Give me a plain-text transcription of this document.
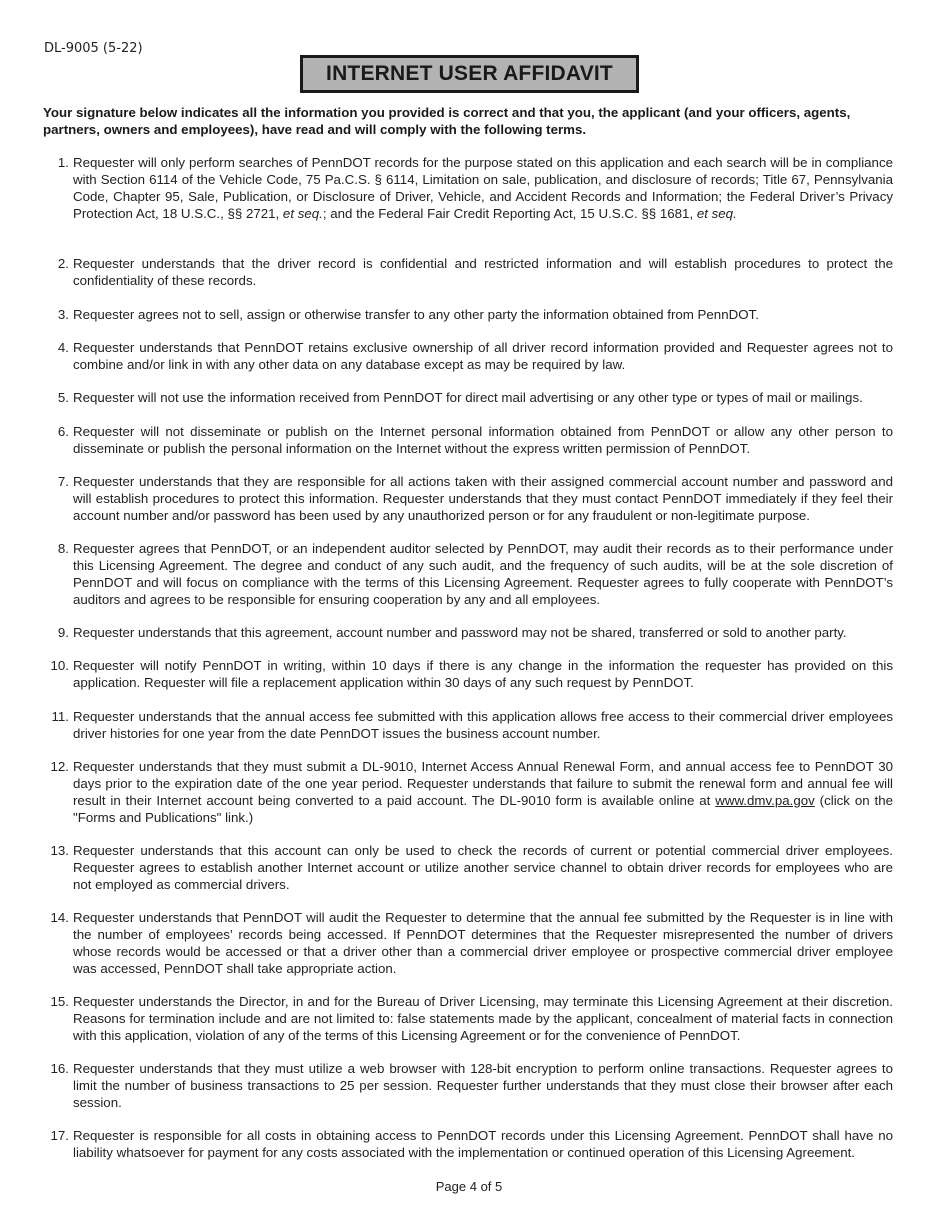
DL-9005 (5-22)
INTERNET USER AFFIDAVIT
Your signature below indicates all the information you provided is correct and that you, the applicant (and your officers, agents, partners, owners and employees), have read and will comply with the following terms.
1. Requester will only perform searches of PennDOT records for the purpose stated on this application and each search will be in compliance with Section 6114 of the Vehicle Code, 75 Pa.C.S. § 6114, Limitation on sale, publication, and disclosure of records; Title 67, Pennsylvania Code, Chapter 95, Sale, Publication, or Disclosure of Driver, Vehicle, and Accident Records and Information; the Federal Driver’s Privacy Protection Act, 18 U.S.C., §§ 2721, et seq.; and the Federal Fair Credit Reporting Act, 15 U.S.C. §§ 1681, et seq.
2. Requester understands that the driver record is confidential and restricted information and will establish procedures to protect the confidentiality of these records.
3. Requester agrees not to sell, assign or otherwise transfer to any other party the information obtained from PennDOT.
4. Requester understands that PennDOT retains exclusive ownership of all driver record information provided and Requester agrees not to combine and/or link in with any other data on any database except as may be required by law.
5. Requester will not use the information received from PennDOT for direct mail advertising or any other type or types of mail or mailings.
6. Requester will not disseminate or publish on the Internet personal information obtained from PennDOT or allow any other person to disseminate or publish the personal information on the Internet without the express written permission of PennDOT.
7. Requester understands that they are responsible for all actions taken with their assigned commercial account number and password and will establish procedures to protect this information. Requester understands that they must contact PennDOT immediately if they feel their account number and/or password has been used by any unauthorized person or for any fraudulent or non-legitimate purpose.
8. Requester agrees that PennDOT, or an independent auditor selected by PennDOT, may audit their records as to their performance under this Licensing Agreement. The degree and conduct of any such audit, and the frequency of such audits, will be at the sole discretion of PennDOT and will focus on compliance with the terms of this Licensing Agreement. Requester agrees to fully cooperate with PennDOT’s auditors and agrees to be responsible for ensuring cooperation by any and all employees.
9. Requester understands that this agreement, account number and password may not be shared, transferred or sold to another party.
10. Requester will notify PennDOT in writing, within 10 days if there is any change in the information the requester has provided on this application. Requester will file a replacement application within 30 days of any such request by PennDOT.
11. Requester understands that the annual access fee submitted with this application allows free access to their commercial driver employees driver histories for one year from the date PennDOT issues the business account number.
12. Requester understands that they must submit a DL-9010, Internet Access Annual Renewal Form, and annual access fee to PennDOT 30 days prior to the expiration date of the one year period. Requester understands that failure to submit the renewal form and annual fee will result in their Internet account being converted to a paid account. The DL-9010 form is available online at www.dmv.pa.gov (click on the "Forms and Publications" link.)
13. Requester understands that this account can only be used to check the records of current or potential commercial driver employees. Requester agrees to establish another Internet account or utilize another service channel to obtain driver records for employees who are not employed as commercial drivers.
14. Requester understands that PennDOT will audit the Requester to determine that the annual fee submitted by the Requester is in line with the number of employees’ records being accessed. If PennDOT determines that the Requester misrepresented the number of drivers whose records would be accessed or that a driver other than a commercial driver employee or prospective commercial driver employee was accessed, PennDOT shall take appropriate action.
15. Requester understands the Director, in and for the Bureau of Driver Licensing, may terminate this Licensing Agreement at their discretion. Reasons for termination include and are not limited to: false statements made by the applicant, concealment of material facts in connection with this application, violation of any of the terms of this Licensing Agreement or for the convenience of PennDOT.
16. Requester understands that they must utilize a web browser with 128-bit encryption to perform online transactions. Requester agrees to limit the number of business transactions to 25 per session. Requester further understands that they must close their browser after each session.
17. Requester is responsible for all costs in obtaining access to PennDOT records under this Licensing Agreement. PennDOT shall have no liability whatsoever for payment for any costs associated with the implementation or continued operation of this Licensing Agreement.
Page 4 of 5
